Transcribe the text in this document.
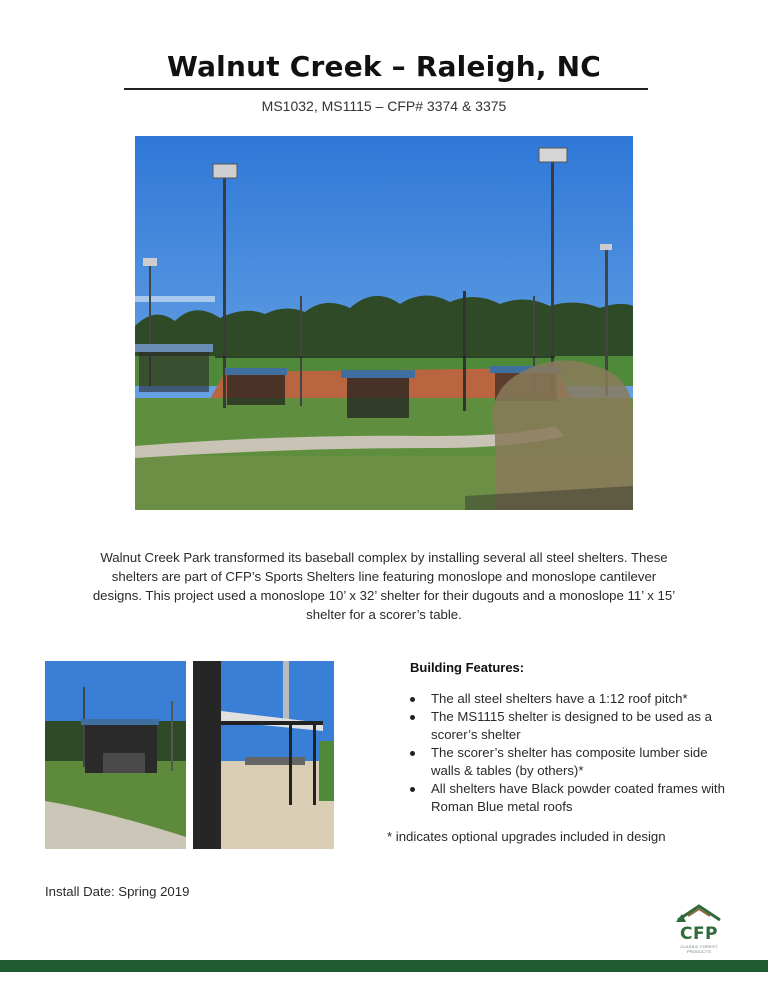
Walnut Creek – Raleigh, NC
MS1032, MS1115 – CFP# 3374 & 3375
Walnut Creek Park transformed its baseball complex by installing several all steel shelters. These shelters are part of CFP’s Sports Shelters line featuring monoslope and monoslope cantilever designs. This project used a monoslope 10’ x 32’ shelter for their dugouts and a monoslope 11’ x 15’ shelter for a scorer’s table.
Building Features:
The all steel shelters have a 1:12 roof pitch*
The MS1115 shelter is designed to be used as a scorer’s shelter
The scorer’s shelter has composite lumber side walls & tables (by others)*
All shelters have Black powder coated frames with Roman Blue metal roofs
* indicates optional upgrades included in design
Install Date: Spring 2019
CFP
CLASSIC FOREST PRODUCTS
